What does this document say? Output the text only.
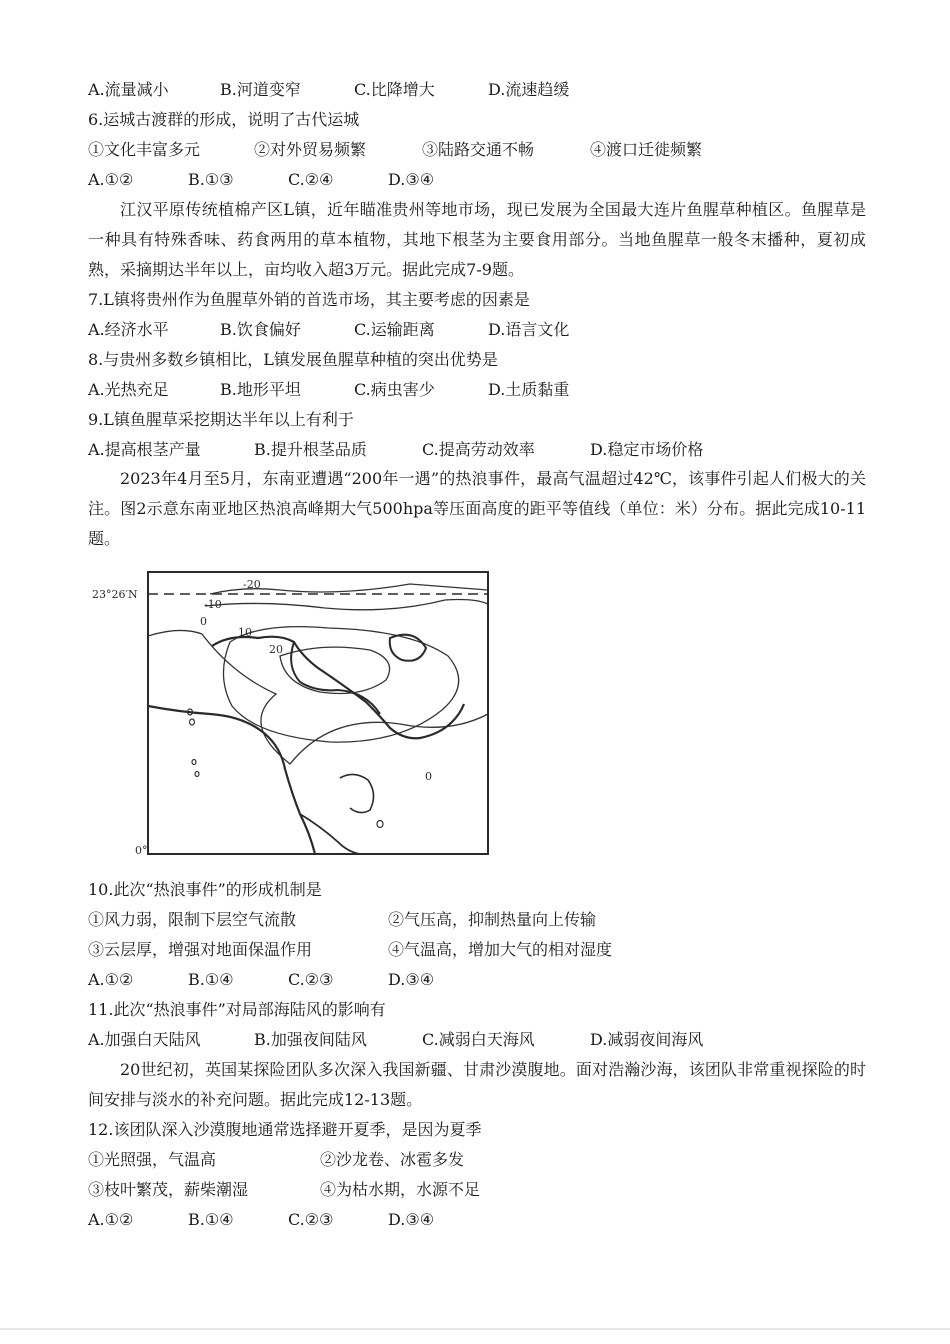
A.流量减小	B.河道变窄	C.比降增大	D.流速趋缓
6.运城古渡群的形成，说明了古代运城
①文化丰富多元	②对外贸易频繁	③陆路交通不畅	④渡口迁徙频繁
A.①②	B.①③	C.②④	D.③④
江汉平原传统植棉产区L镇，近年瞄准贵州等地市场，现已发展为全国最大连片鱼腥草种植区。鱼腥草是一种具有特殊香味、药食两用的草本植物，其地下根茎为主要食用部分。当地鱼腥草一般冬末播种，夏初成熟，采摘期达半年以上，亩均收入超3万元。据此完成7-9题。
7.L镇将贵州作为鱼腥草外销的首选市场，其主要考虑的因素是
A.经济水平	B.饮食偏好	C.运输距离	D.语言文化
8.与贵州多数乡镇相比，L镇发展鱼腥草种植的突出优势是
A.光热充足	B.地形平坦	C.病虫害少	D.土质黏重
9.L镇鱼腥草采挖期达半年以上有利于
A.提高根茎产量	B.提升根茎品质	C.提高劳动效率	D.稳定市场价格
2023年4月至5月，东南亚遭遇“200年一遇”的热浪事件，最高气温超过42℃，该事件引起人们极大的关注。图2示意东南亚地区热浪高峰期大气500hpa等压面高度的距平等值线（单位：米）分布。据此完成10-11题。
23°26′N
0°
-20
-10
0
10
20
0
10.此次“热浪事件”的形成机制是
①风力弱，限制下层空气流散	②气压高，抑制热量向上传输
③云层厚，增强对地面保温作用	④气温高，增加大气的相对湿度
A.①②	B.①④	C.②③	D.③④
11.此次“热浪事件”对局部海陆风的影响有
A.加强白天陆风	B.加强夜间陆风	C.减弱白天海风	D.减弱夜间海风
20世纪初，英国某探险团队多次深入我国新疆、甘肃沙漠腹地。面对浩瀚沙海，该团队非常重视探险的时间安排与淡水的补充问题。据此完成12-13题。
12.该团队深入沙漠腹地通常选择避开夏季，是因为夏季
①光照强，气温高	②沙龙卷、冰雹多发
③枝叶繁茂，薪柴潮湿	④为枯水期，水源不足
A.①②	B.①④	C.②③	D.③④
